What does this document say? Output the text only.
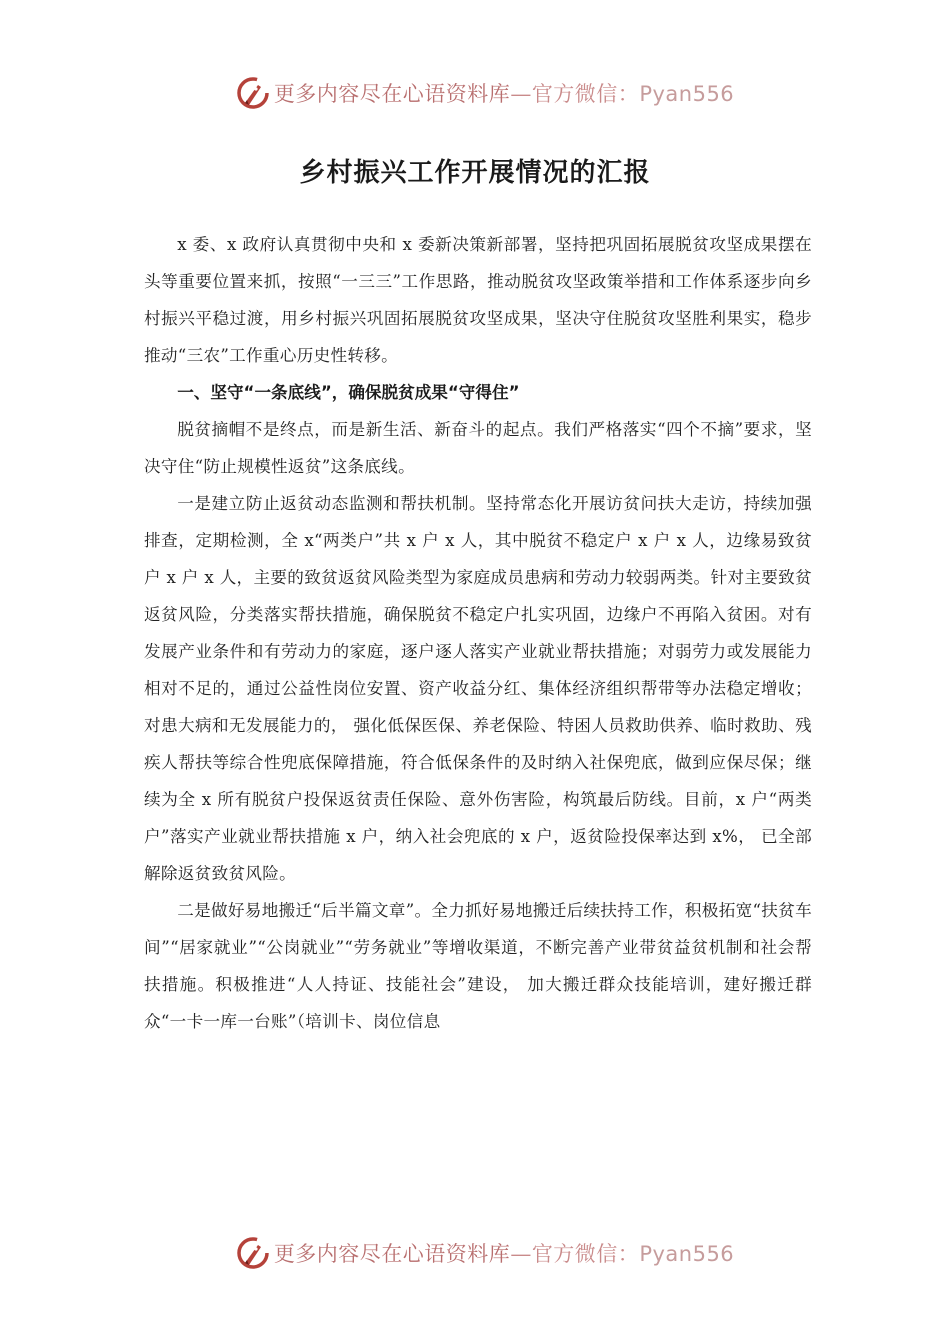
更多内容尽在心语资料库—官方微信：Pyan556
乡村振兴工作开展情况的汇报

x 委、x 政府认真贯彻中央和 x 委新决策新部署，坚持把巩固拓展脱贫攻坚成果摆在头等重要位置来抓，按照“一三三”工作思路，推动脱贫攻坚政策举措和工作体系逐步向乡村振兴平稳过渡，用乡村振兴巩固拓展脱贫攻坚成果，坚决守住脱贫攻坚胜利果实，稳步推动“三农”工作重心历史性转移。

一、坚守“一条底线”，确保脱贫成果“守得住”

脱贫摘帽不是终点，而是新生活、新奋斗的起点。我们严格落实“四个不摘”要求，坚决守住“防止规模性返贫”这条底线。

一是建立防止返贫动态监测和帮扶机制。坚持常态化开展访贫问扶大走访，持续加强排查，定期检测，全 x“两类户”共 x 户 x 人，其中脱贫不稳定户 x 户 x 人，边缘易致贫户 x 户 x 人，主要的致贫返贫风险类型为家庭成员患病和劳动力较弱两类。针对主要致贫返贫风险，分类落实帮扶措施，确保脱贫不稳定户扎实巩固，边缘户不再陷入贫困。对有发展产业条件和有劳动力的家庭，逐户逐人落实产业就业帮扶措施；对弱劳力或发展能力相对不足的，通过公益性岗位安置、资产收益分红、集体经济组织帮带等办法稳定增收；对患大病和无发展能力的， 强化低保医保、养老保险、特困人员救助供养、临时救助、残疾人帮扶等综合性兜底保障措施，符合低保条件的及时纳入社保兜底，做到应保尽保；继续为全 x 所有脱贫户投保返贫责任保险、意外伤害险，构筑最后防线。目前，x 户“两类户”落实产业就业帮扶措施 x 户，纳入社会兜底的 x 户，返贫险投保率达到 x%， 已全部解除返贫致贫风险。

二是做好易地搬迁“后半篇文章”。全力抓好易地搬迁后续扶持工作，积极拓宽“扶贫车间”“居家就业”“公岗就业”“劳务就业”等增收渠道，不断完善产业带贫益贫机制和社会帮扶措施。积极推进“人人持证、技能社会”建设， 加大搬迁群众技能培训，建好搬迁群众“一卡一库一台账”（培训卡、岗位信息

更多内容尽在心语资料库—官方微信：Pyan556
